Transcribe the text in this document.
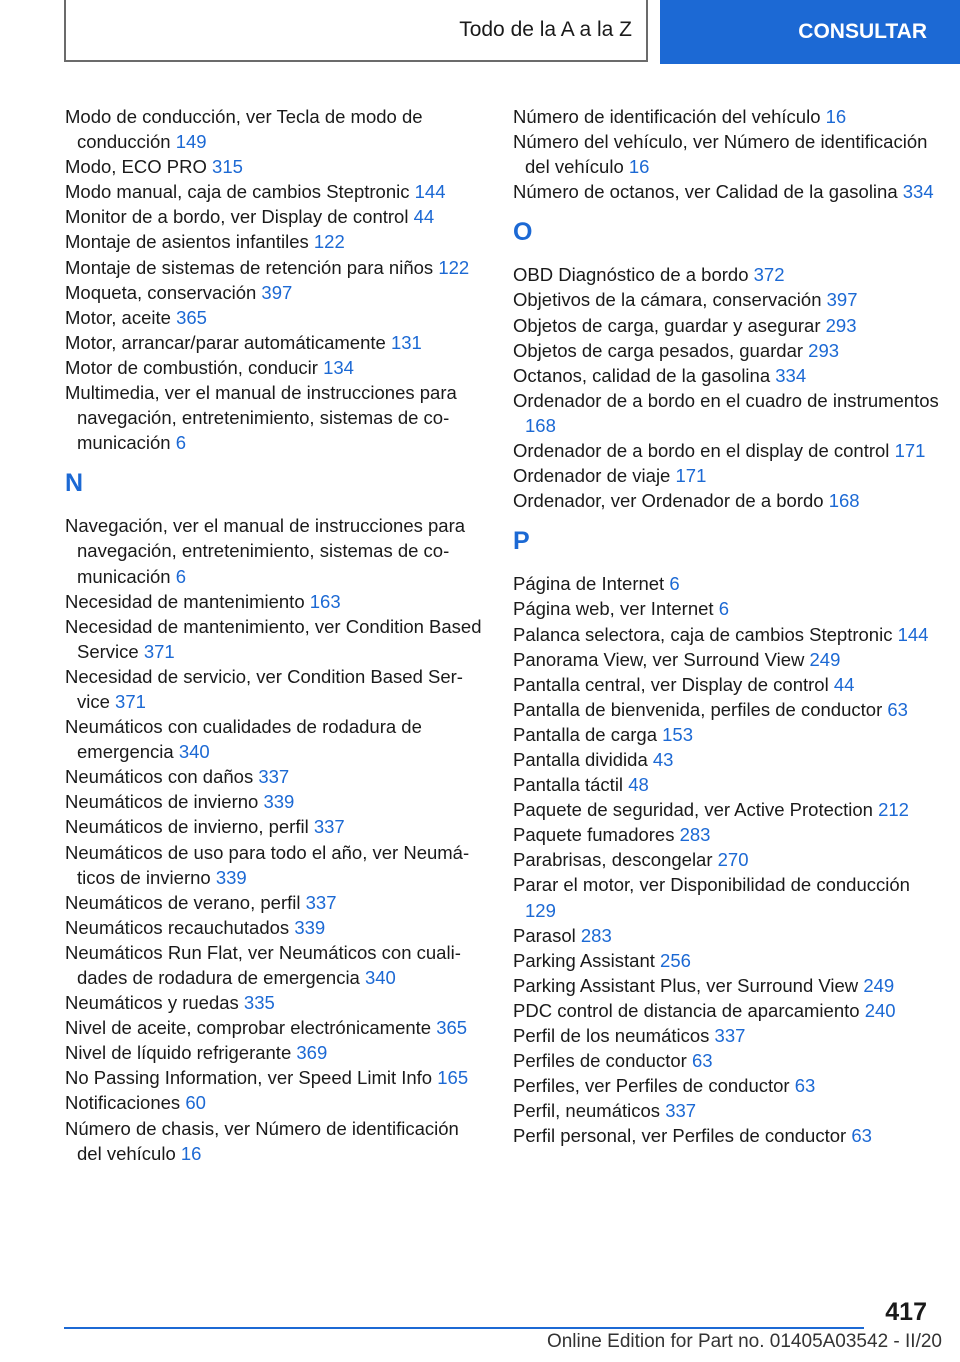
Todo de la A a la Z	CONSULTAR
Modo de conducción, ver Tecla de modo de conducción 149
Modo, ECO PRO 315
Modo manual, caja de cambios Steptronic 144
Monitor de a bordo, ver Display de control 44
Montaje de asientos infantiles 122
Montaje de sistemas de retención para niños 122
Moqueta, conservación 397
Motor, aceite 365
Motor, arrancar/parar automáticamente 131
Motor de combustión, conducir 134
Multimedia, ver el manual de instrucciones para navegación, entretenimiento, sistemas de comunicación 6
N
Navegación, ver el manual de instrucciones para navegación, entretenimiento, sistemas de comunicación 6
Necesidad de mantenimiento 163
Necesidad de mantenimiento, ver Condition Based Service 371
Necesidad de servicio, ver Condition Based Service 371
Neumáticos con cualidades de rodadura de emergencia 340
Neumáticos con daños 337
Neumáticos de invierno 339
Neumáticos de invierno, perfil 337
Neumáticos de uso para todo el año, ver Neumáticos de invierno 339
Neumáticos de verano, perfil 337
Neumáticos recauchutados 339
Neumáticos Run Flat, ver Neumáticos con cualidades de rodadura de emergencia 340
Neumáticos y ruedas 335
Nivel de aceite, comprobar electrónicamente 365
Nivel de líquido refrigerante 369
No Passing Information, ver Speed Limit Info 165
Notificaciones 60
Número de chasis, ver Número de identificación del vehículo 16
Número de identificación del vehículo 16
Número del vehículo, ver Número de identificación del vehículo 16
Número de octanos, ver Calidad de la gasolina 334
O
OBD Diagnóstico de a bordo 372
Objetivos de la cámara, conservación 397
Objetos de carga, guardar y asegurar 293
Objetos de carga pesados, guardar 293
Octanos, calidad de la gasolina 334
Ordenador de a bordo en el cuadro de instrumentos 168
Ordenador de a bordo en el display de control 171
Ordenador de viaje 171
Ordenador, ver Ordenador de a bordo 168
P
Página de Internet 6
Página web, ver Internet 6
Palanca selectora, caja de cambios Steptronic 144
Panorama View, ver Surround View 249
Pantalla central, ver Display de control 44
Pantalla de bienvenida, perfiles de conductor 63
Pantalla de carga 153
Pantalla dividida 43
Pantalla táctil 48
Paquete de seguridad, ver Active Protection 212
Paquete fumadores 283
Parabrisas, descongelar 270
Parar el motor, ver Disponibilidad de conducción 129
Parasol 283
Parking Assistant 256
Parking Assistant Plus, ver Surround View 249
PDC control de distancia de aparcamiento 240
Perfil de los neumáticos 337
Perfiles de conductor 63
Perfiles, ver Perfiles de conductor 63
Perfil, neumáticos 337
Perfil personal, ver Perfiles de conductor 63
417
Online Edition for Part no. 01405A03542 - II/20
